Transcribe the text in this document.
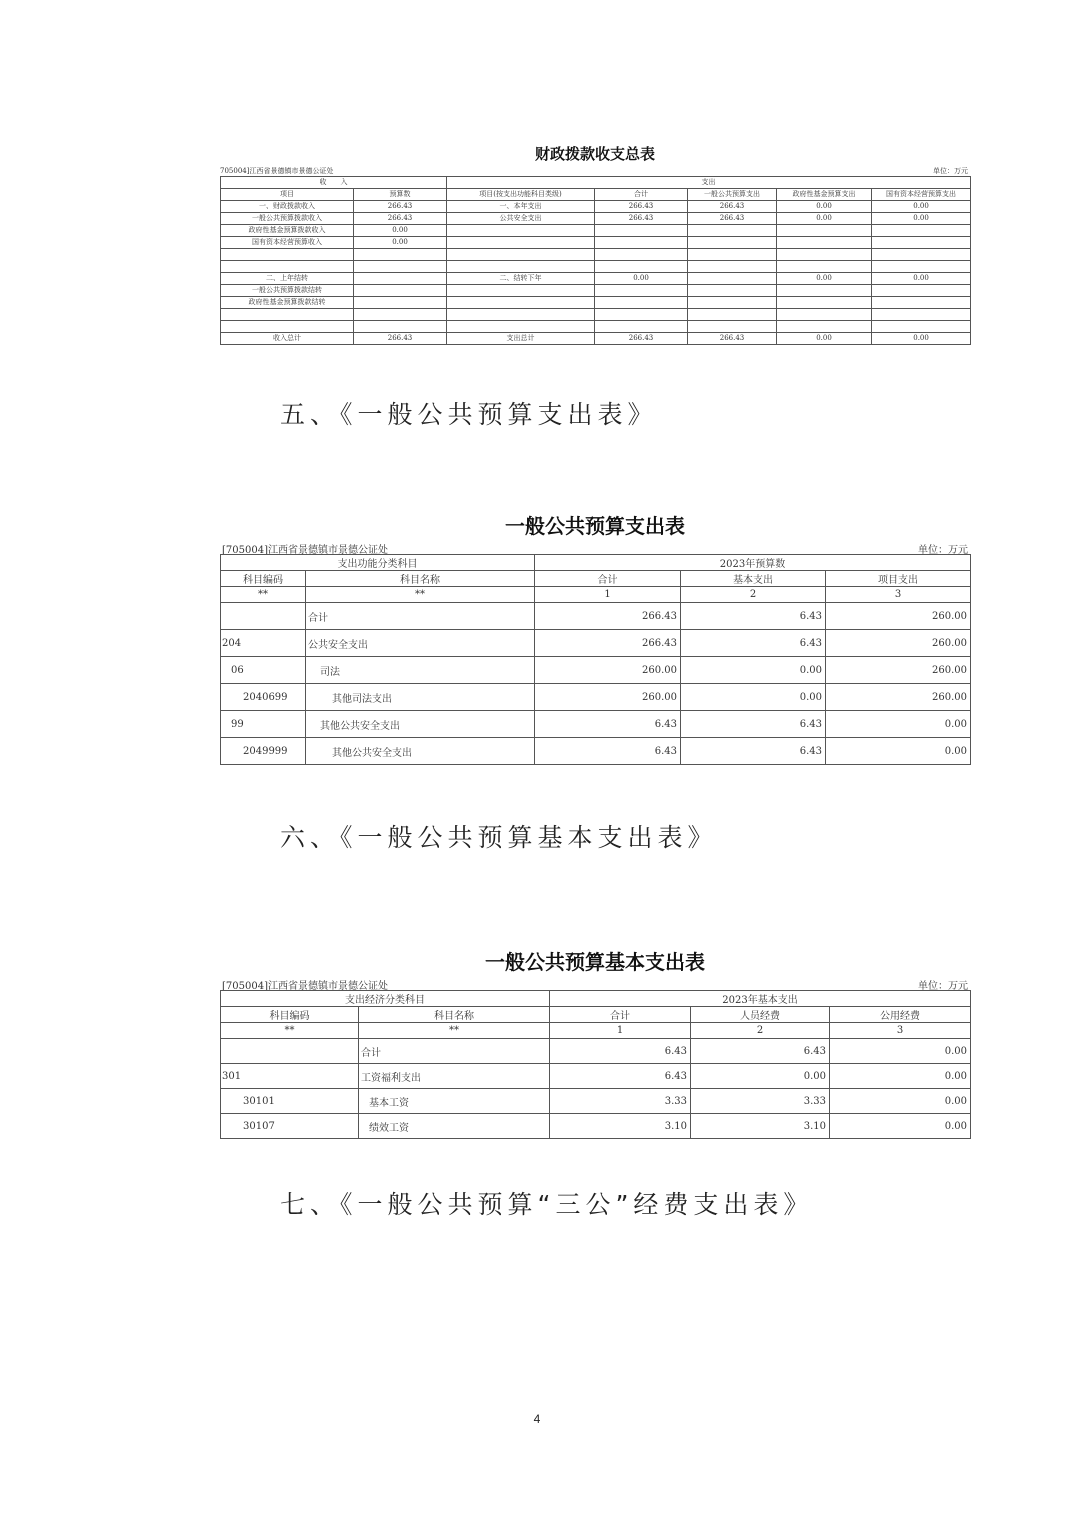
财政拨款收支总表
705004]江西省景德镇市景德公证处	单位：万元
收　　入		支出				
项目	预算数	项目(按支出功能科目类级)	合计	一般公共预算支出	政府性基金预算支出	国有资本经营预算支出
一、财政拨款收入	266.43	一、本年支出	266.43	266.43	0.00	0.00
一般公共预算拨款收入	266.43	公共安全支出	266.43	266.43	0.00	0.00
政府性基金预算拨款收入	0.00					
国有资本经营预算收入	0.00					

二、上年结转		二、结转下年	0.00		0.00	0.00
一般公共预算拨款结转						
政府性基金预算拨款结转						

收入总计	266.43	支出总计	266.43	266.43	0.00	0.00
五、《一般公共预算支出表》
一般公共预算支出表
[705004]江西省景德镇市景德公证处	单位：万元
支出功能分类科目		2023年预算数		
科目编码	科目名称	合计	基本支出	项目支出
**	**	1	2	3
	合计	266.43	6.43	260.00
204	公共安全支出	266.43	6.43	260.00
06	司法	260.00	0.00	260.00
2040699	其他司法支出	260.00	0.00	260.00
99	其他公共安全支出	6.43	6.43	0.00
2049999	其他公共安全支出	6.43	6.43	0.00
六、《一般公共预算基本支出表》
一般公共预算基本支出表
[705004]江西省景德镇市景德公证处	单位：万元
支出经济分类科目		2023年基本支出		
科目编码	科目名称	合计	人员经费	公用经费
**	**	1	2	3
	合计	6.43	6.43	0.00
301	工资福利支出	6.43	0.00	0.00
30101	基本工资	3.33	3.33	0.00
30107	绩效工资	3.10	3.10	0.00
七、《一般公共预算“三公”经费支出表》
4
